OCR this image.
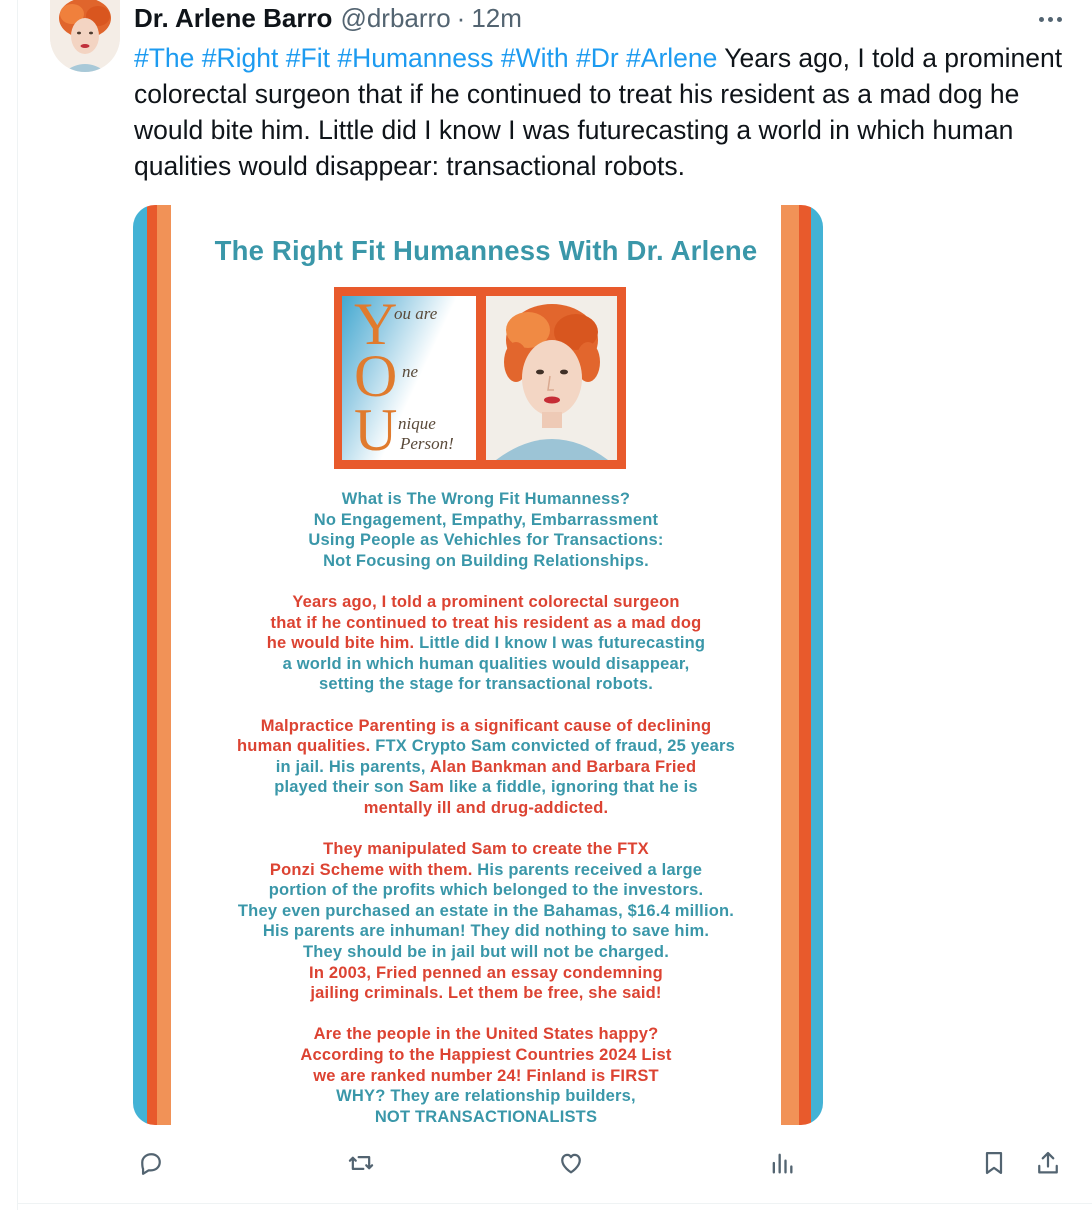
Dr. Arlene Barro @drbarro · 12m
#The #Right #Fit #Humanness #With #Dr #Arlene Years ago, I told a prominent colorectal surgeon that if he continued to treat his resident as a mad dog he would bite him. Little did I know I was futurecasting a world in which human qualities would disappear: transactional robots.
The Right Fit Humanness With Dr. Arlene
Y
O
U
ou are
ne
nique
Person!
What is The Wrong Fit Humanness?
No Engagement, Empathy, Embarrassment
Using People as Vehichles for Transactions:
Not Focusing on Building Relationships.
Years ago, I told a prominent colorectal surgeon
that if he continued to treat his resident as a mad dog
he would bite him. Little did I know I was futurecasting
a world in which human qualities would disappear,
setting the stage for transactional robots.
Malpractice Parenting is a significant cause of declining
human qualities. FTX Crypto Sam convicted of fraud, 25 years
in jail. His parents, Alan Bankman and Barbara Fried
played their son Sam like a fiddle, ignoring that he is
mentally ill and drug-addicted.
They manipulated Sam to create the FTX
Ponzi Scheme with them. His parents received a large
portion of the profits which belonged to the investors.
They even purchased an estate in the Bahamas, $16.4 million.
His parents are inhuman! They did nothing to save him.
They should be in jail but will not be charged.
In 2003, Fried penned an essay condemning
jailing criminals. Let them be free, she said!
Are the people in the United States happy?
According to the Happiest Countries 2024 List
we are ranked number 24! Finland is FIRST
WHY? They are relationship builders,
NOT TRANSACTIONALISTS
